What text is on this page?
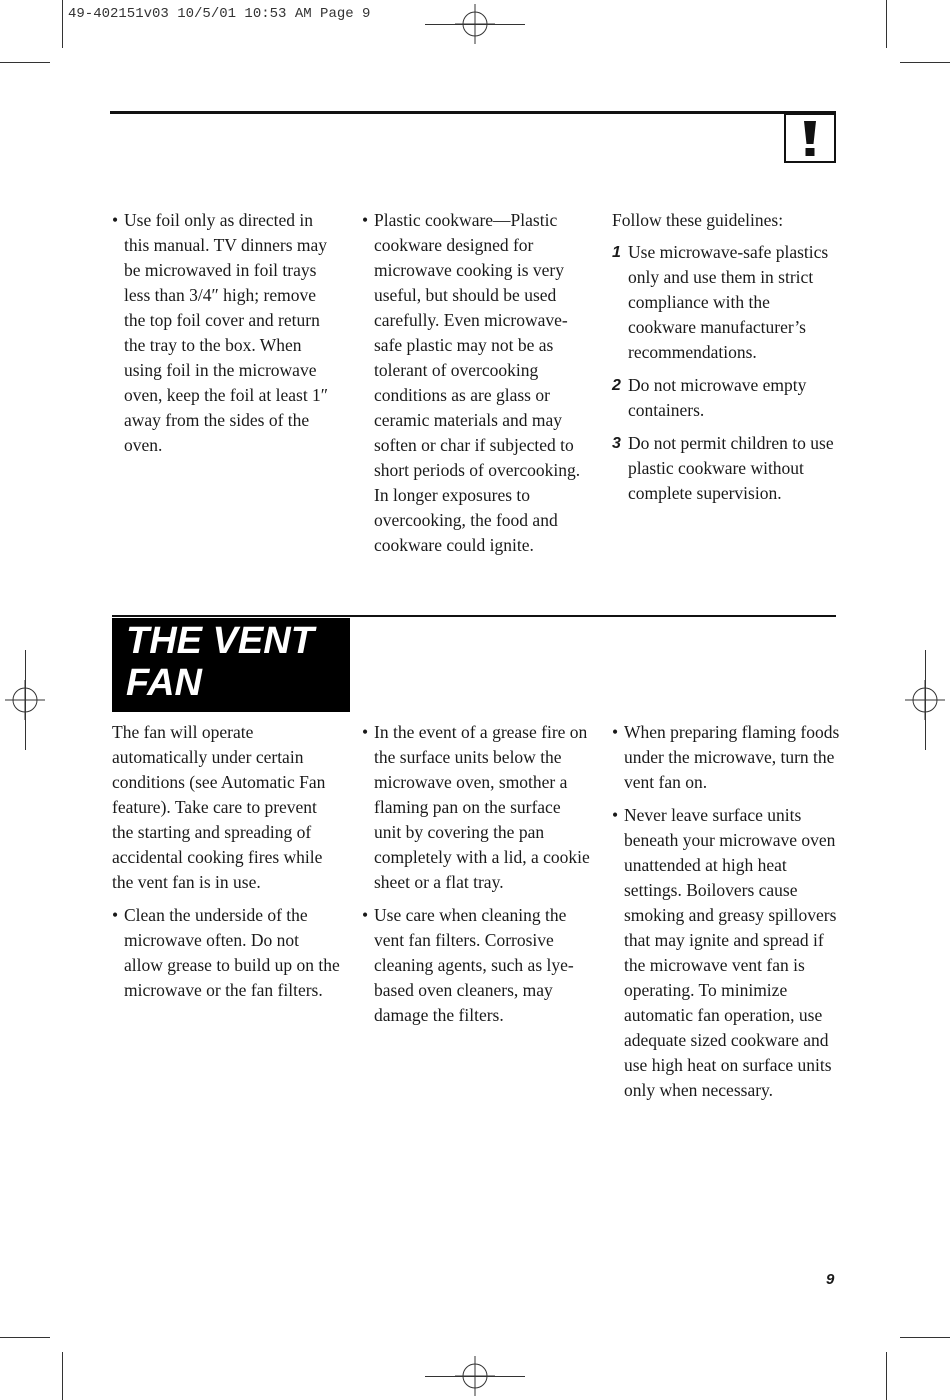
49-402151v03 10/5/01 10:53 AM Page 9
• Use foil only as directed in this manual. TV dinners may be microwaved in foil trays less than 3/4″ high; remove the top foil cover and return the tray to the box. When using foil in the microwave oven, keep the foil at least 1″ away from the sides of the oven.
• Plastic cookware—Plastic cookware designed for microwave cooking is very useful, but should be used carefully. Even microwave-safe plastic may not be as tolerant of overcooking conditions as are glass or ceramic materials and may soften or char if subjected to short periods of overcooking. In longer exposures to overcooking, the food and cookware could ignite.
Follow these guidelines:
1 Use microwave-safe plastics only and use them in strict compliance with the cookware manufacturer’s recommendations.
2 Do not microwave empty containers.
3 Do not permit children to use plastic cookware without complete supervision.
THE VENT
FAN
The fan will operate automatically under certain conditions (see Automatic Fan feature). Take care to prevent the starting and spreading of accidental cooking fires while the vent fan is in use.
• Clean the underside of the microwave often. Do not allow grease to build up on the microwave or the fan filters.
• In the event of a grease fire on the surface units below the microwave oven, smother a flaming pan on the surface unit by covering the pan completely with a lid, a cookie sheet or a flat tray.
• Use care when cleaning the vent fan filters. Corrosive cleaning agents, such as lye-based oven cleaners, may damage the filters.
• When preparing flaming foods under the microwave, turn the vent fan on.
• Never leave surface units beneath your microwave oven unattended at high heat settings. Boilovers cause smoking and greasy spillovers that may ignite and spread if the microwave vent fan is operating. To minimize automatic fan operation, use adequate sized cookware and use high heat on surface units only when necessary.
9
